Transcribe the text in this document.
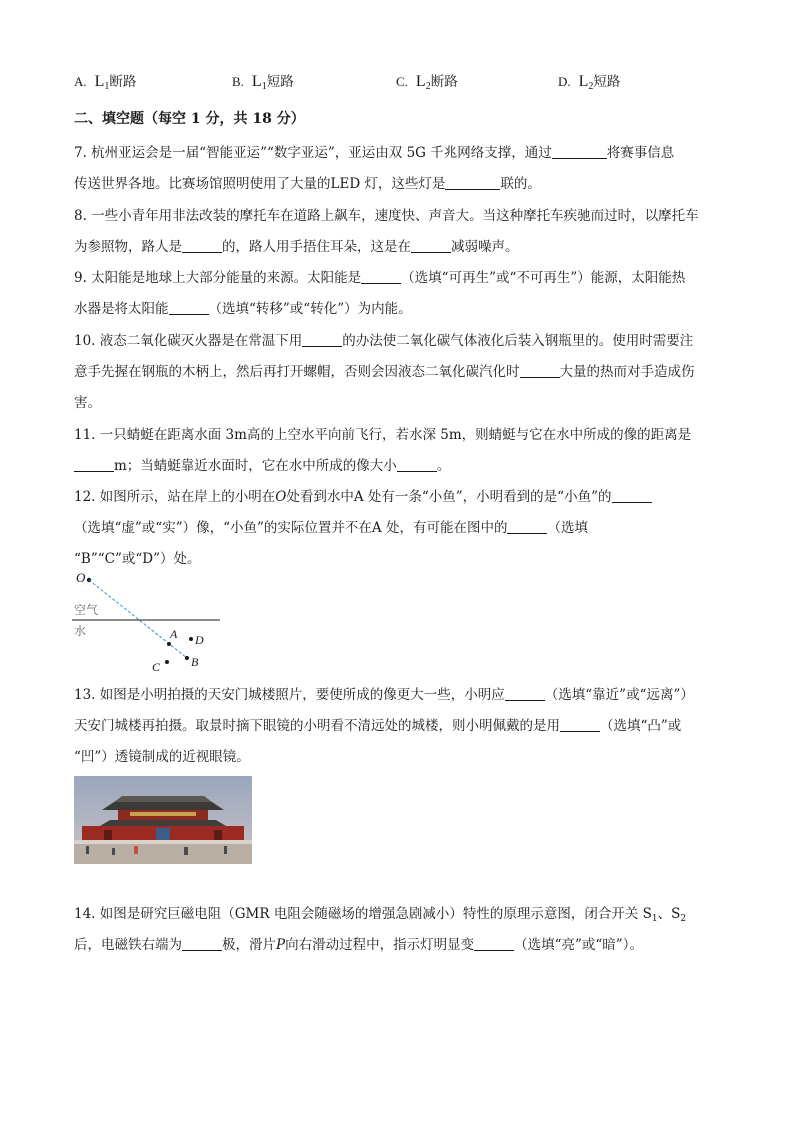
A. $L_1$断路	B. $L_1$短路	C. $L_2$断路	D. $L_2$短路
二、填空题（每空 1 分，共 18 分）
7. 杭州亚运会是一届“智能亚运”“数字亚运”，亚运由双 5G 千兆网络支撑，通过	将赛事信息
传送世界各地。比赛场馆照明使用了大量的LED 灯，这些灯是	联的。
8. 一些小青年用非法改装的摩托车在道路上飙车，速度快、声音大。当这种摩托车疾驰而过时，以摩托车
为参照物，路人是	的，路人用手捂住耳朵，这是在	减弱噪声。
9. 太阳能是地球上大部分能量的来源。太阳能是	（选填“可再生”或“不可再生”）能源，太阳能热
水器是将太阳能	（选填“转移”或“转化”）为内能。
10. 液态二氧化碳灭火器是在常温下用	的办法使二氧化碳气体液化后装入钢瓶里的。使用时需要注
意手先握在钢瓶的木柄上，然后再打开螺帽，否则会因液态二氧化碳汽化时	大量的热而对手造成伤
害。
11. 一只蜻蜓在距离水面 3m高的上空水平向前飞行，若水深 5m，则蜻蜓与它在水中所成的像的距离是
m；当蜻蜓靠近水面时，它在水中所成的像大小	。
12. 如图所示，站在岸上的小明在O处看到水中A 处有一条“小鱼”，小明看到的是“小鱼”的
（选填“虚”或“实”）像，“小鱼”的实际位置并不在A 处，有可能在图中的	（选填
“B”“C”或“D”）处。
O
空气
水	A D
B
C
13. 如图是小明拍摄的天安门城楼照片，要使所成的像更大一些，小明应	（选填“靠近”或“远离”）
天安门城楼再拍摄。取景时摘下眼镜的小明看不清远处的城楼，则小明佩戴的是用	（选填“凸”或
“凹”）透镜制成的近视眼镜。
14. 如图是研究巨磁电阻（GMR 电阻会随磁场的增强急剧减小）特性的原理示意图，闭合开关 $S_1$、$S_2$
后，电磁铁右端为	极，滑片P向右滑动过程中，指示灯明显变	（选填“亮”或“暗”）。
